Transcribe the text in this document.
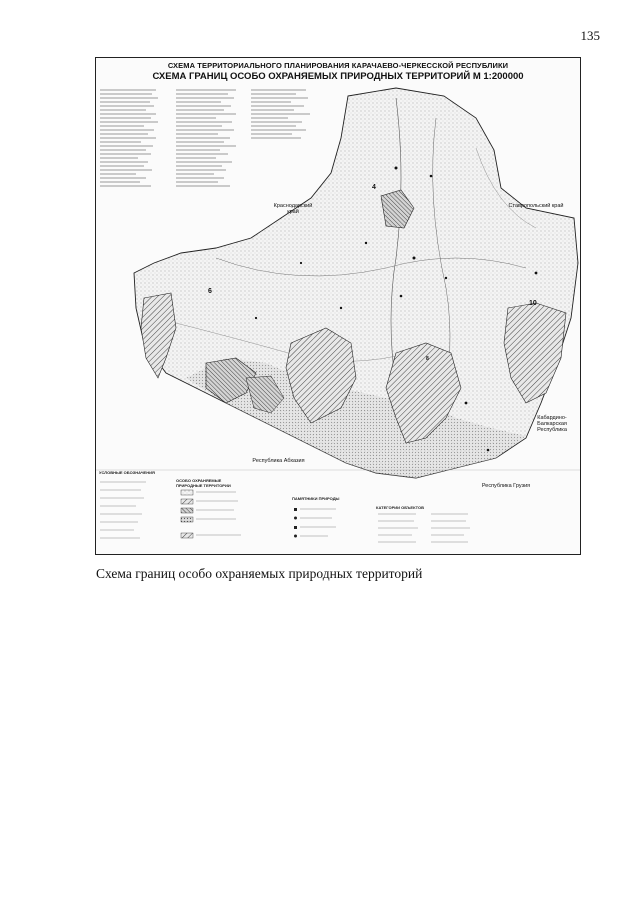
135
СХЕМА ТЕРРИТОРИАЛЬНОГО ПЛАНИРОВАНИЯ КАРАЧАЕВО-ЧЕРКЕССКОЙ РЕСПУБЛИКИ
СХЕМА ГРАНИЦ ОСОБО ОХРАНЯЕМЫХ ПРИРОДНЫХ ТЕРРИТОРИЙ М 1:200000
Краснодарский край
Ставропольский край
Кабардино-Балкарская Республика
Республика Абхазия
Республика Грузия
4
6
8
10
УСЛОВНЫЕ ОБОЗНАЧЕНИЯ
ОСОБО ОХРАНЯЕМЫЕ ПРИРОДНЫЕ ТЕРРИТОРИИ
ПАМЯТНИКИ ПРИРОДЫ
КАТЕГОРИИ ОБЪЕКТОВ
Схема границ особо охраняемых природных территорий
